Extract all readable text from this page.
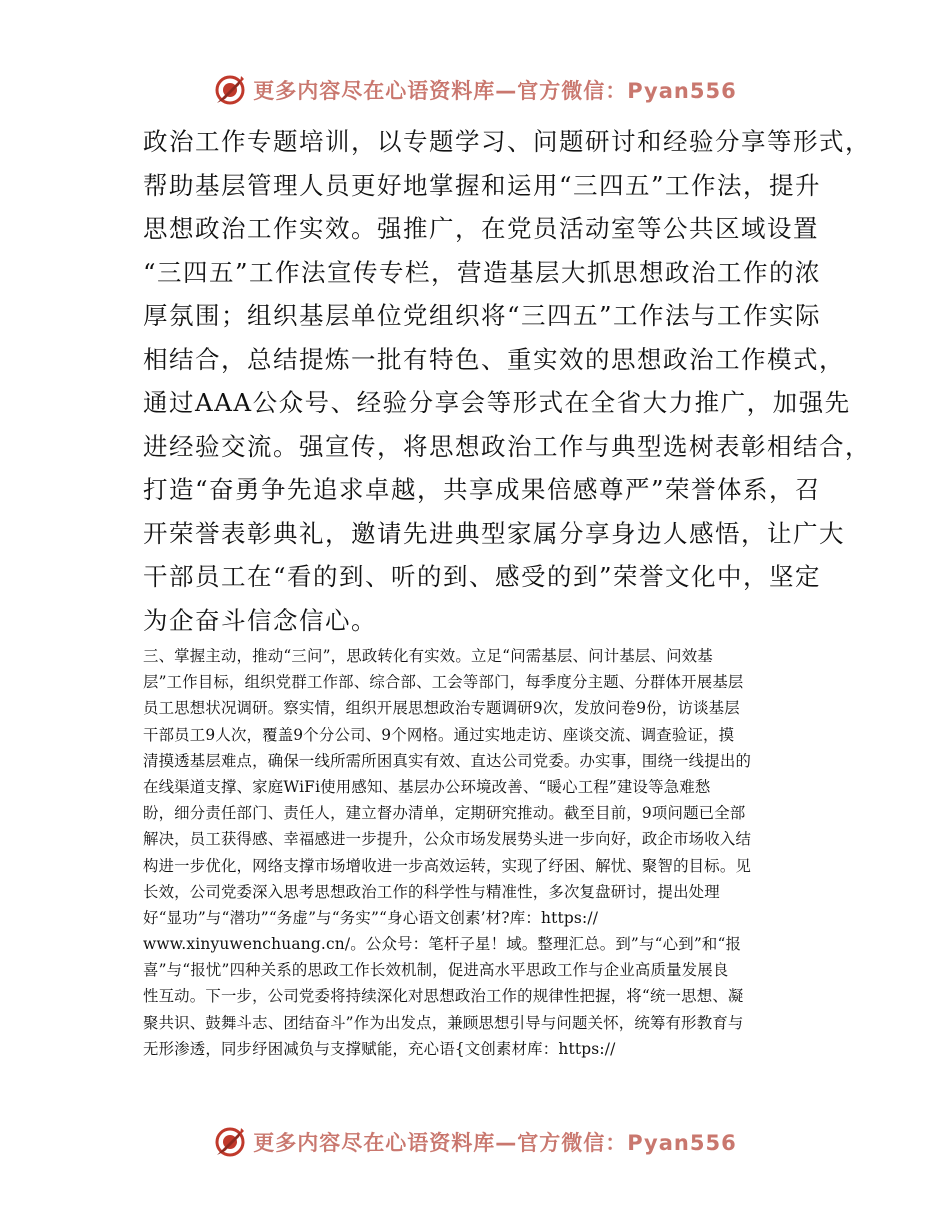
更多内容尽在心语资料库—官方微信：Pyan556
政治工作专题培训，以专题学习、问题研讨和经验分享等形式，
帮助基层管理人员更好地掌握和运用“三四五”工作法，提升
思想政治工作实效。强推广，在党员活动室等公共区域设置
“三四五”工作法宣传专栏，营造基层大抓思想政治工作的浓
厚氛围；组织基层单位党组织将“三四五”工作法与工作实际
相结合，总结提炼一批有特色、重实效的思想政治工作模式，
通过AAA公众号、经验分享会等形式在全省大力推广，加强先
进经验交流。强宣传，将思想政治工作与典型选树表彰相结合，
打造“奋勇争先追求卓越，共享成果倍感尊严”荣誉体系，召
开荣誉表彰典礼，邀请先进典型家属分享身边人感悟，让广大
干部员工在“看的到、听的到、感受的到”荣誉文化中，坚定
为企奋斗信念信心。
三、掌握主动，推动“三问”，思政转化有实效。立足“问需基层、问计基层、问效基
层”工作目标，组织党群工作部、综合部、工会等部门，每季度分主题、分群体开展基层
员工思想状况调研。察实情，组织开展思想政治专题调研9次，发放问卷9份，访谈基层
干部员工9人次，覆盖9个分公司、9个网格。通过实地走访、座谈交流、调查验证，摸
清摸透基层难点，确保一线所需所困真实有效、直达公司党委。办实事，围绕一线提出的
在线渠道支撑、家庭WiFi使用感知、基层办公环境改善、“暖心工程”建设等急难愁
盼，细分责任部门、责任人，建立督办清单，定期研究推动。截至目前，9项问题已全部
解决，员工获得感、幸福感进一步提升，公众市场发展势头进一步向好，政企市场收入结
构进一步优化，网络支撑市场增收进一步高效运转，实现了纾困、解忧、聚智的目标。见
长效，公司党委深入思考思想政治工作的科学性与精准性，多次复盘研讨，提出处理
好“显功”与“潜功”“务虚”与“务实”“身心语文创素’材?库：https://
www.xinyuwenchuang.cn/。公众号：笔杆子星！域。整理汇总。到”与“心到”和“报
喜”与“报忧”四种关系的思政工作长效机制，促进高水平思政工作与企业高质量发展良
性互动。下一步，公司党委将持续深化对思想政治工作的规律性把握，将“统一思想、凝
聚共识、鼓舞斗志、团结奋斗”作为出发点，兼顾思想引导与问题关怀，统筹有形教育与
无形渗透，同步纾困减负与支撑赋能，充心语{文创素材库：https://
更多内容尽在心语资料库—官方微信：Pyan556
